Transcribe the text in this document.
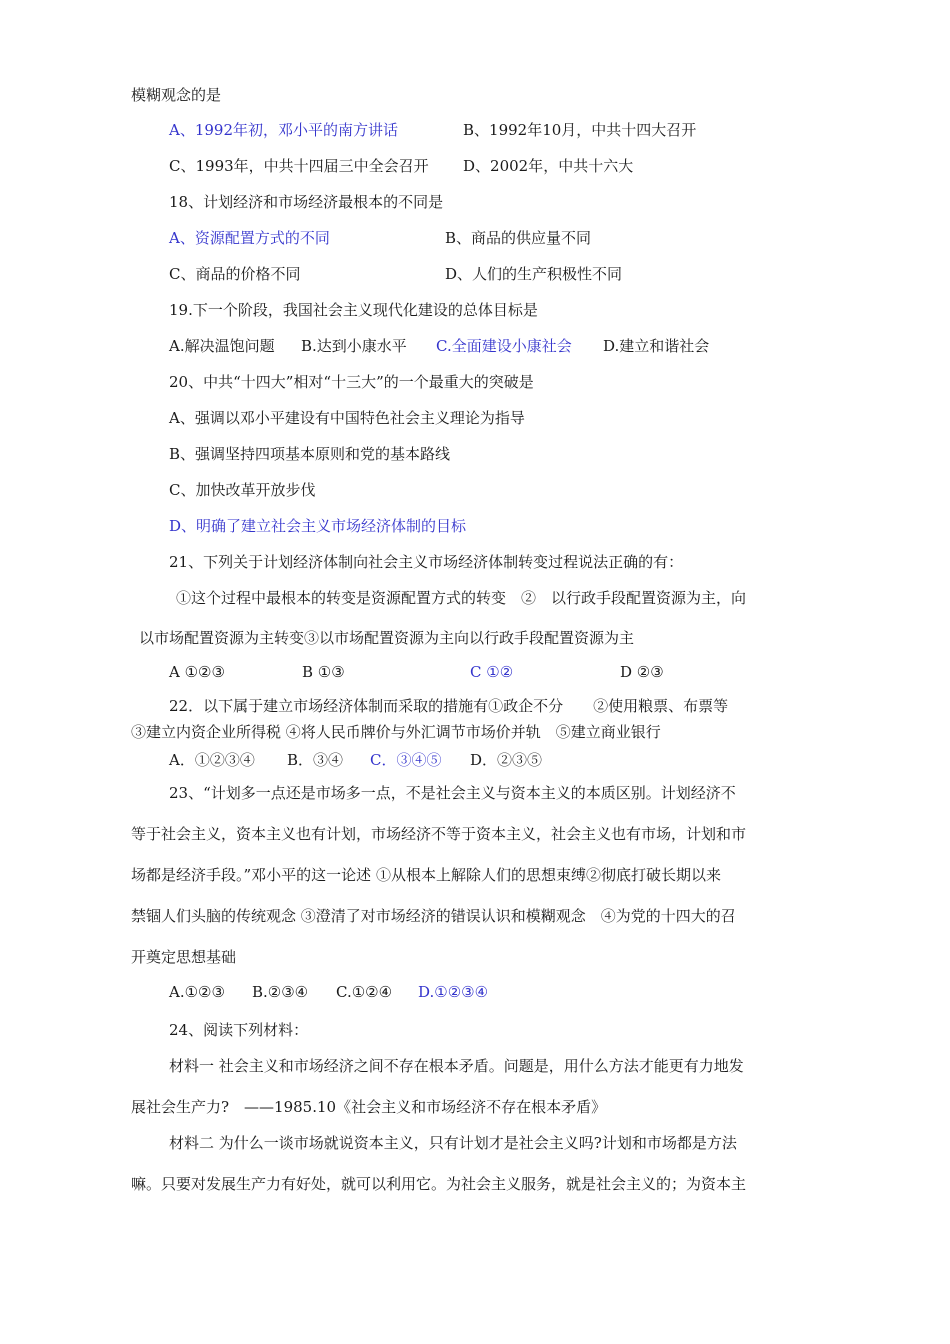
模糊观念的是
A、1992年初，邓小平的南方讲话	B、1992年10月，中共十四大召开
C、1993年，中共十四届三中全会召开 D、2002年，中共十六大
18、计划经济和市场经济最根本的不同是
A、资源配置方式的不同	B、商品的供应量不同
C、商品的价格不同	D、人们的生产积极性不同
19.下一个阶段，我国社会主义现代化建设的总体目标是
A.解决温饱问题 B.达到小康水平 C.全面建设小康社会 D.建立和谐社会
20、中共“十四大”相对“十三大”的一个最重大的突破是
A、强调以邓小平建设有中国特色社会主义理论为指导
B、强调坚持四项基本原则和党的基本路线
C、加快改革开放步伐
D、明确了建立社会主义市场经济体制的目标
21、下列关于计划经济体制向社会主义市场经济体制转变过程说法正确的有：
①这个过程中最根本的转变是资源配置方式的转变　②　以行政手段配置资源为主，向
以市场配置资源为主转变③以市场配置资源为主向以行政手段配置资源为主
A ①②③	B ①③	C ①②	D ②③
22．以下属于建立市场经济体制而采取的措施有①政企不分　　②使用粮票、布票等
③建立内资企业所得税 ④将人民币牌价与外汇调节市场价并轨　⑤建立商业银行
A．①②③④ B．③④ C．③④⑤ D．②③⑤
23、“计划多一点还是市场多一点，不是社会主义与资本主义的本质区别。计划经济不
等于社会主义，资本主义也有计划，市场经济不等于资本主义，社会主义也有市场，计划和市
场都是经济手段。”邓小平的这一论述 ①从根本上解除人们的思想束缚②彻底打破长期以来
禁锢人们头脑的传统观念 ③澄清了对市场经济的错误认识和模糊观念　④为党的十四大的召
开奠定思想基础
A.①②③ B.②③④ C.①②④ D.①②③④
24、阅读下列材料：
材料一 社会主义和市场经济之间不存在根本矛盾。问题是，用什么方法才能更有力地发
展社会生产力?　——1985.10《社会主义和市场经济不存在根本矛盾》
材料二 为什么一谈市场就说资本主义，只有计划才是社会主义吗?计划和市场都是方法
嘛。只要对发展生产力有好处，就可以利用它。为社会主义服务，就是社会主义的；为资本主
